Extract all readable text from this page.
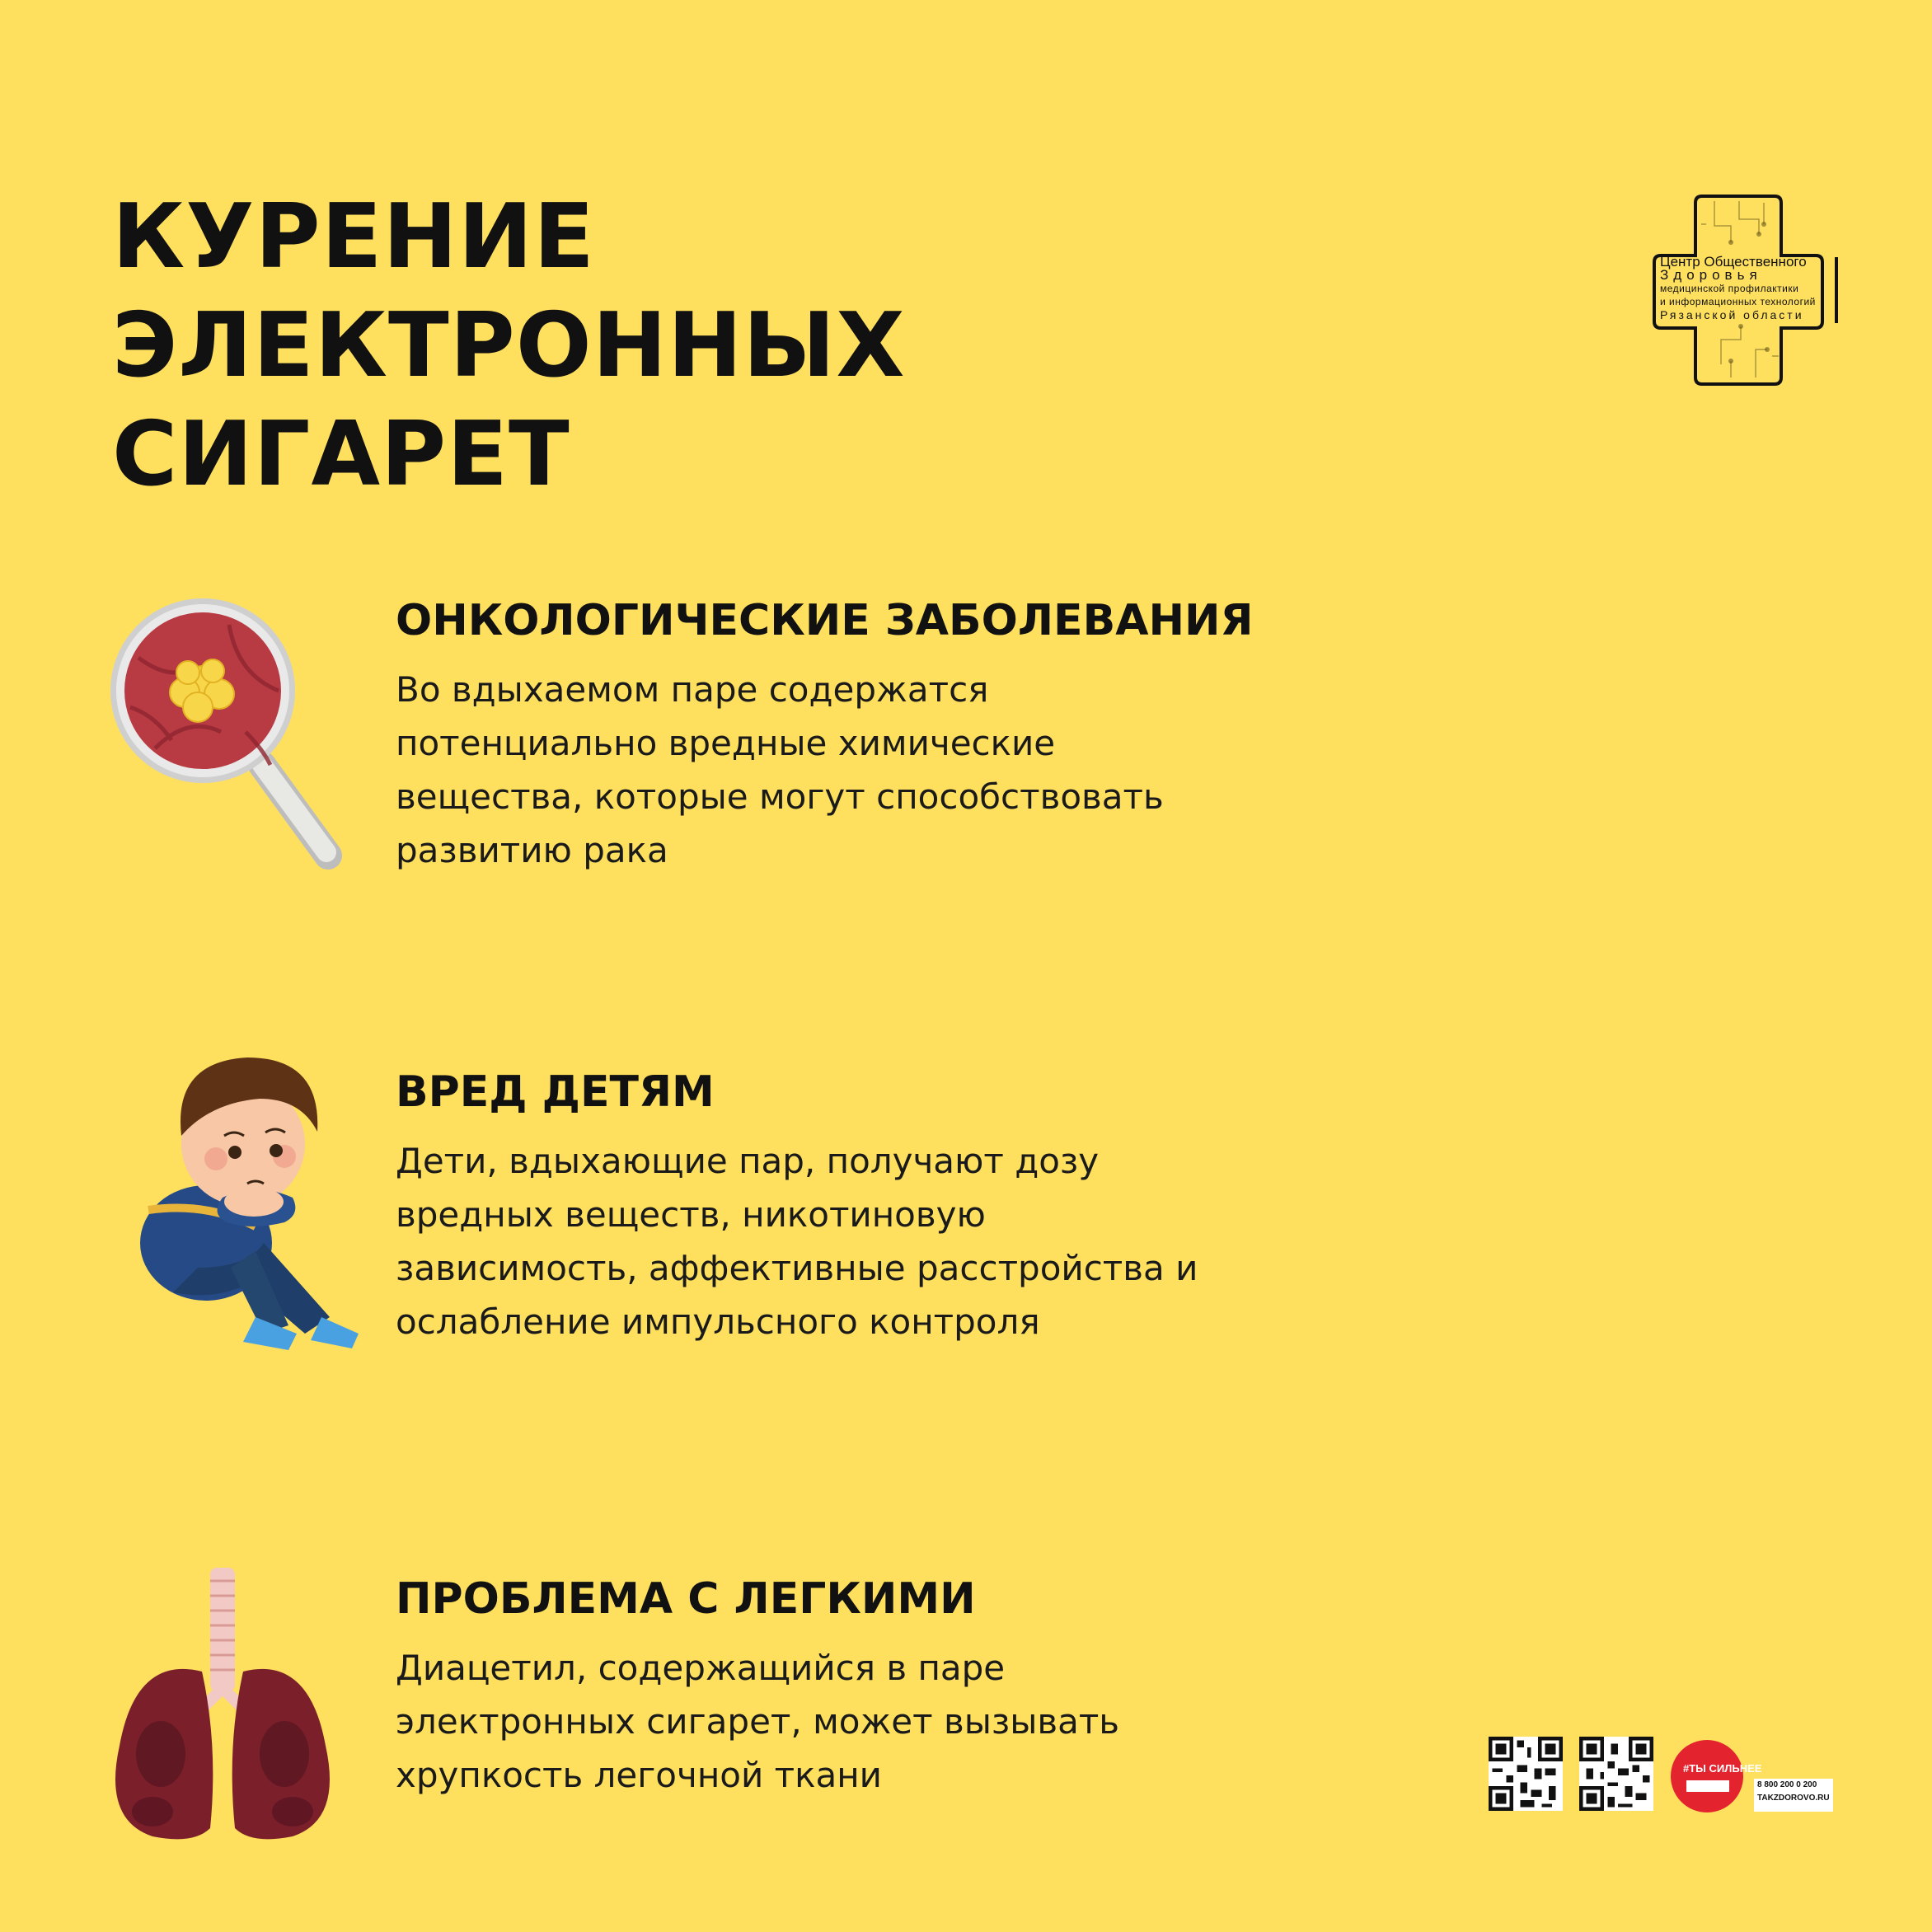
КУРЕНИЕ ЭЛЕКТРОННЫХ
СИГАРЕТ
Центр Общественного
Здоровья
медицинской профилактики
и информационных технологий
Рязанской области
ОНКОЛОГИЧЕСКИЕ ЗАБОЛЕВАНИЯ

Во вдыхаемом паре содержатся
потенциально вредные химические
вещества, которые могут способствовать
развитию рака

ВРЕД ДЕТЯМ

Дети, вдыхающие пар, получают дозу
вредных веществ, никотиновую
зависимость, аффективные расстройства и
ослабление импульсного контроля

ПРОБЛЕМА С ЛЕГКИМИ

Диацетил, содержащийся в паре
электронных сигарет, может вызывать
хрупкость легочной ткани	#ТЫ СИЛЬНЕЕ
8 800 200 0 200
TAKZDOROVO.RU
